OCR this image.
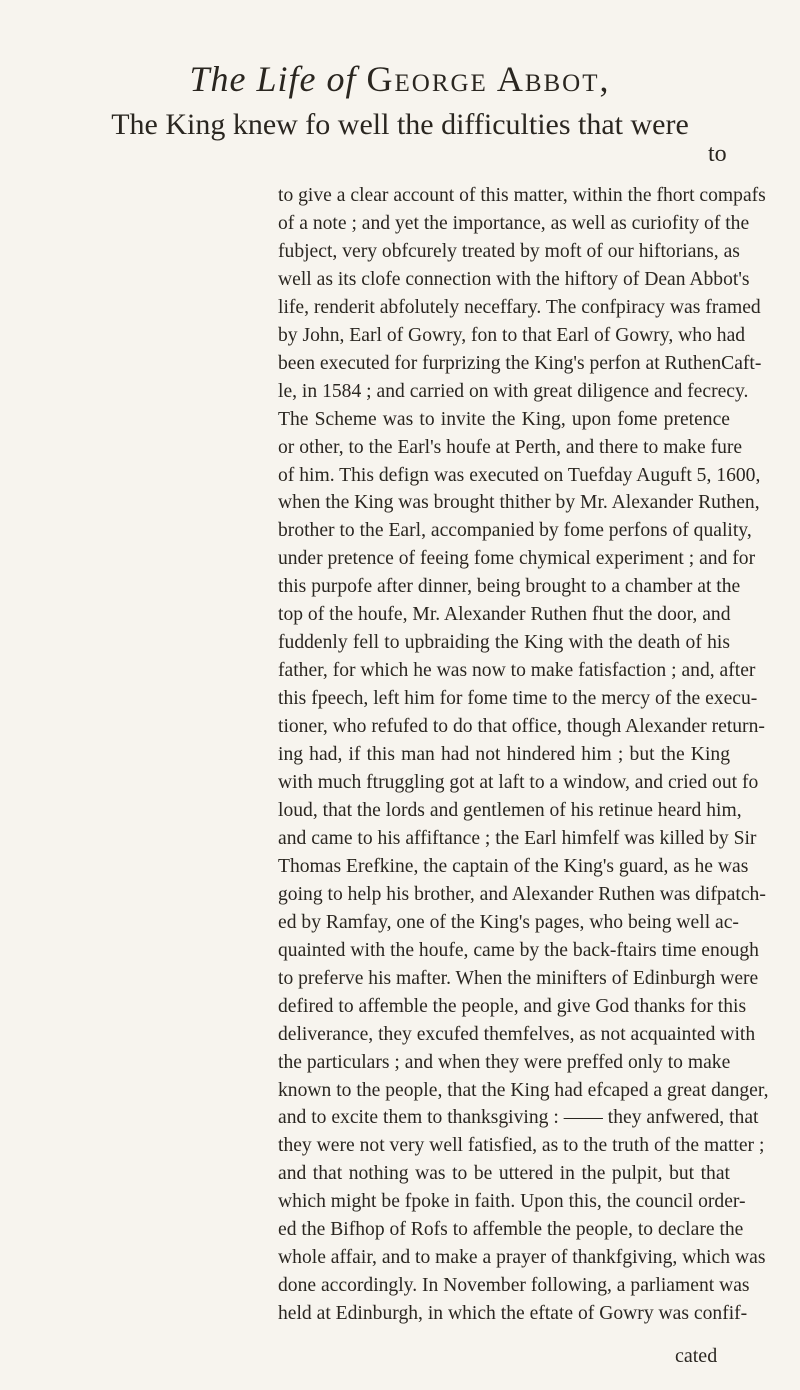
The Life of George Abbot,
The King knew fo well the difficulties that were
to
to give a clear account of this matter, within the fhort compafs
of a note ; and yet the importance, as well as curiofity of the
fubject, very obfcurely treated by moft of our hiftorians, as
well as its clofe connection with the hiftory of Dean Abbot's
life, renderit abfolutely neceffary. The confpiracy was framed
by John, Earl of Gowry, fon to that Earl of Gowry, who had
been executed for furprizing the King's perfon at RuthenCaft-
le, in 1584 ; and carried on with great diligence and fecrecy.
The Scheme was to invite the King, upon fome pretence
or other, to the Earl's houfe at Perth, and there to make fure
of him. This defign was executed on Tuefday Auguft 5, 1600,
when the King was brought thither by Mr. Alexander Ruthen,
brother to the Earl, accompanied by fome perfons of quality,
under pretence of feeing fome chymical experiment ; and for
this purpofe after dinner, being brought to a chamber at the
top of the houfe, Mr. Alexander Ruthen fhut the door, and
fuddenly fell to upbraiding the King with the death of his
father, for which he was now to make fatisfaction ; and, after
this fpeech, left him for fome time to the mercy of the execu-
tioner, who refufed to do that office, though Alexander return-
ing had, if this man had not hindered him ; but the King
with much ftruggling got at laft to a window, and cried out fo
loud, that the lords and gentlemen of his retinue heard him,
and came to his affiftance ; the Earl himfelf was killed by Sir
Thomas Erefkine, the captain of the King's guard, as he was
going to help his brother, and Alexander Ruthen was difpatch-
ed by Ramfay, one of the King's pages, who being well ac-
quainted with the houfe, came by the back-ftairs time enough
to preferve his mafter. When the minifters of Edinburgh were
defired to affemble the people, and give God thanks for this
deliverance, they excufed themfelves, as not acquainted with
the particulars ; and when they were preffed only to make
known to the people, that the King had efcaped a great danger,
and to excite them to thanksgiving : —— they anfwered, that
they were not very well fatisfied, as to the truth of the matter ;
and that nothing was to be uttered in the pulpit, but that
which might be fpoke in faith. Upon this, the council order-
ed the Bifhop of Rofs to affemble the people, to declare the
whole affair, and to make a prayer of thankfgiving, which was
done accordingly. In November following, a parliament was
held at Edinburgh, in which the eftate of Gowry was confif-
cated
